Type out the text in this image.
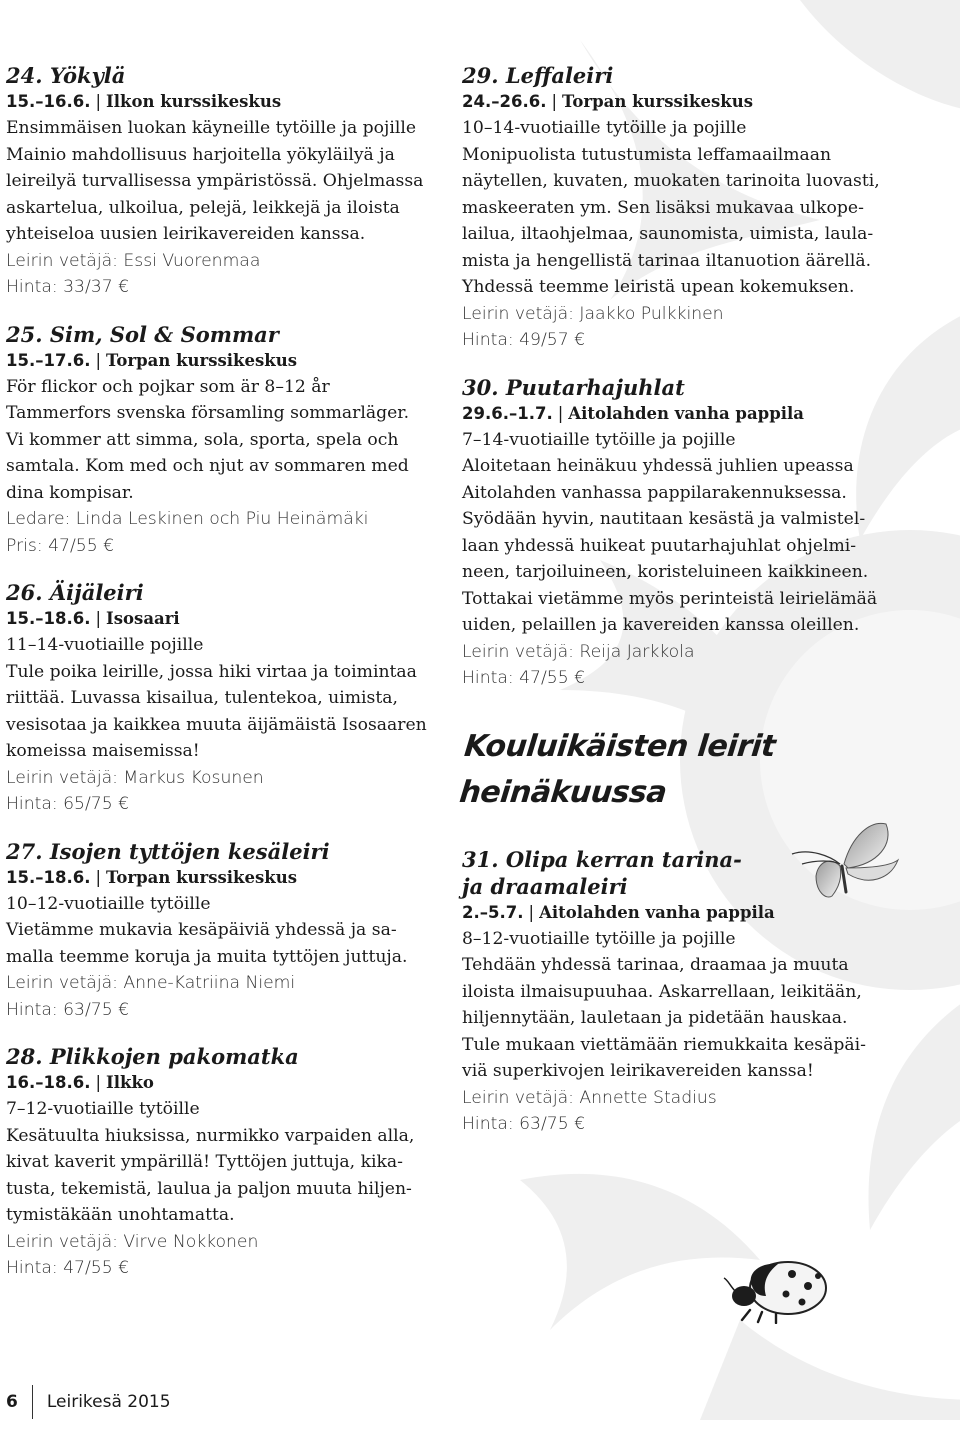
24. Yökylä

15.–16.6. | Ilkon kurssikeskus
Ensimmäisen luokan käyneille tytöille ja pojille
Mainio mahdollisuus harjoitella yökyläilyä ja
leireilyä turvallisessa ympäristössä. Ohjelmassa
askartelua, ulkoilua, pelejä, leikkejä ja iloista
yhteiseloa uusien leirikavereiden kanssa.
Leirin vetäjä: Essi Vuorenmaa
Hinta: 33/37 €

25. Sim, Sol & Sommar

15.–17.6. | Torpan kurssikeskus
För flickor och pojkar som är 8–12 år
Tammerfors svenska församling sommarläger.
Vi kommer att simma, sola, sporta, spela och
samtala. Kom med och njut av sommaren med
dina kompisar.
Ledare: Linda Leskinen och Piu Heinämäki
Pris: 47/55 €

26. Äijäleiri

15.–18.6. | Isosaari
11–14-vuotiaille pojille
Tule poika leirille, jossa hiki virtaa ja toimintaa
riittää. Luvassa kisailua, tulentekoa, uimista,
vesisotaa ja kaikkea muuta äijämäistä Isosaaren
komeissa maisemissa!
Leirin vetäjä: Markus Kosunen
Hinta: 65/75 €

27. Isojen tyttöjen kesäleiri

15.–18.6. | Torpan kurssikeskus
10–12-vuotiaille tytöille
Vietämme mukavia kesäpäiviä yhdessä ja sa-
malla teemme koruja ja muita tyttöjen juttuja.
Leirin vetäjä: Anne-Katriina Niemi
Hinta: 63/75 €

28. Plikkojen pakomatka

16.–18.6. | Ilkko
7–12-vuotiaille tytöille
Kesätuulta hiuksissa, nurmikko varpaiden alla,
kivat kaverit ympärillä! Tyttöjen juttuja, kika-
tusta, tekemistä, laulua ja paljon muuta hiljen-
tymistäkään unohtamatta.
Leirin vetäjä: Virve Nokkonen
Hinta: 47/55 €

29. Leffaleiri

24.–26.6. | Torpan kurssikeskus
10–14-vuotiaille tytöille ja pojille
Monipuolista tutustumista leffamaailmaan
näytellen, kuvaten, muokaten tarinoita luovasti,
maskeeraten ym. Sen lisäksi mukavaa ulkope-
lailua, iltaohjelmaa, saunomista, uimista, laula-
mista ja hengellistä tarinaa iltanuotion äärellä.
Yhdessä teemme leiristä upean kokemuksen.
Leirin vetäjä: Jaakko Pulkkinen
Hinta: 49/57 €

30. Puutarhajuhlat

29.6.–1.7. | Aitolahden vanha pappila
7–14-vuotiaille tytöille ja pojille
Aloitetaan heinäkuu yhdessä juhlien upeassa
Aitolahden vanhassa pappilarakennuksessa.
Syödään hyvin, nautitaan kesästä ja valmistel-
laan yhdessä huikeat puutarhajuhlat ohjelmi-
neen, tarjoiluineen, koristeluineen kaikkineen.
Tottakai vietämme myös perinteistä leirielämää
uiden, pelaillen ja kavereiden kanssa oleillen.
Leirin vetäjä: Reija Jarkkola
Hinta: 47/55 €
Kouluikäisten leirit
heinäkuussa

31. Olipa kerran tarina-
ja draamaleiri

2.–5.7. | Aitolahden vanha pappila
8–12-vuotiaille tytöille ja pojille
Tehdään yhdessä tarinaa, draamaa ja muuta
iloista ilmaisupuuhaa. Askarrellaan, leikitään,
hiljennytään, lauletaan ja pidetään hauskaa.
Tule mukaan viettämään riemukkaita kesäpäi-
viä superkivojen leirikavereiden kanssa!
Leirin vetäjä: Annette Stadius
Hinta: 63/75 €
6 Leirikesä 2015
